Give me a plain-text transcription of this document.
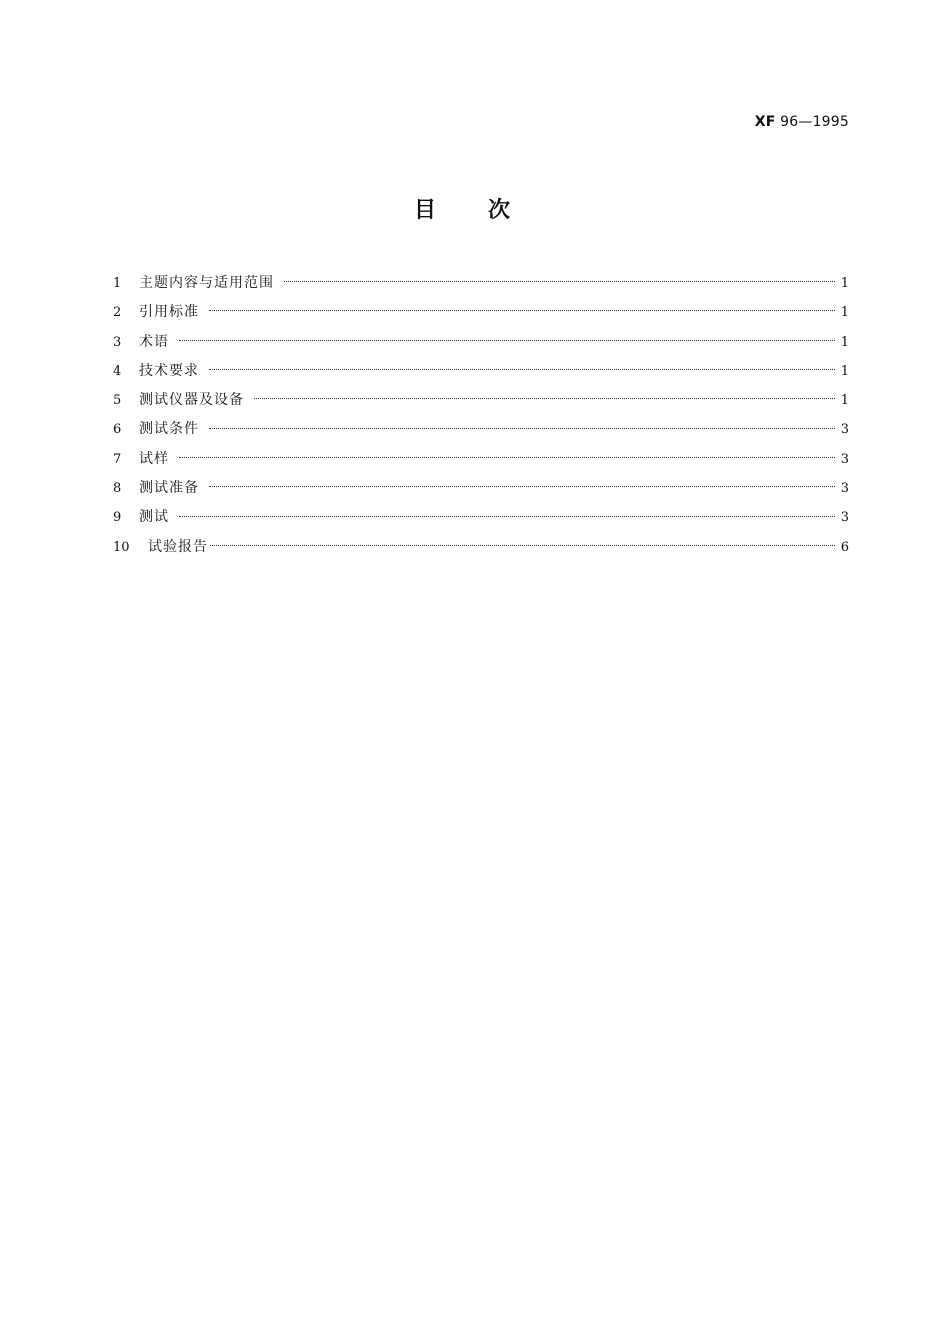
XF 96—1995
目次
1	主题内容与适用范围	1
2	引用标准	1
3	术语	1
4	技术要求	1
5	测试仪器及设备	1
6	测试条件	3
7	试样	3
8	测试准备	3
9	测试	3
10	试验报告	6
